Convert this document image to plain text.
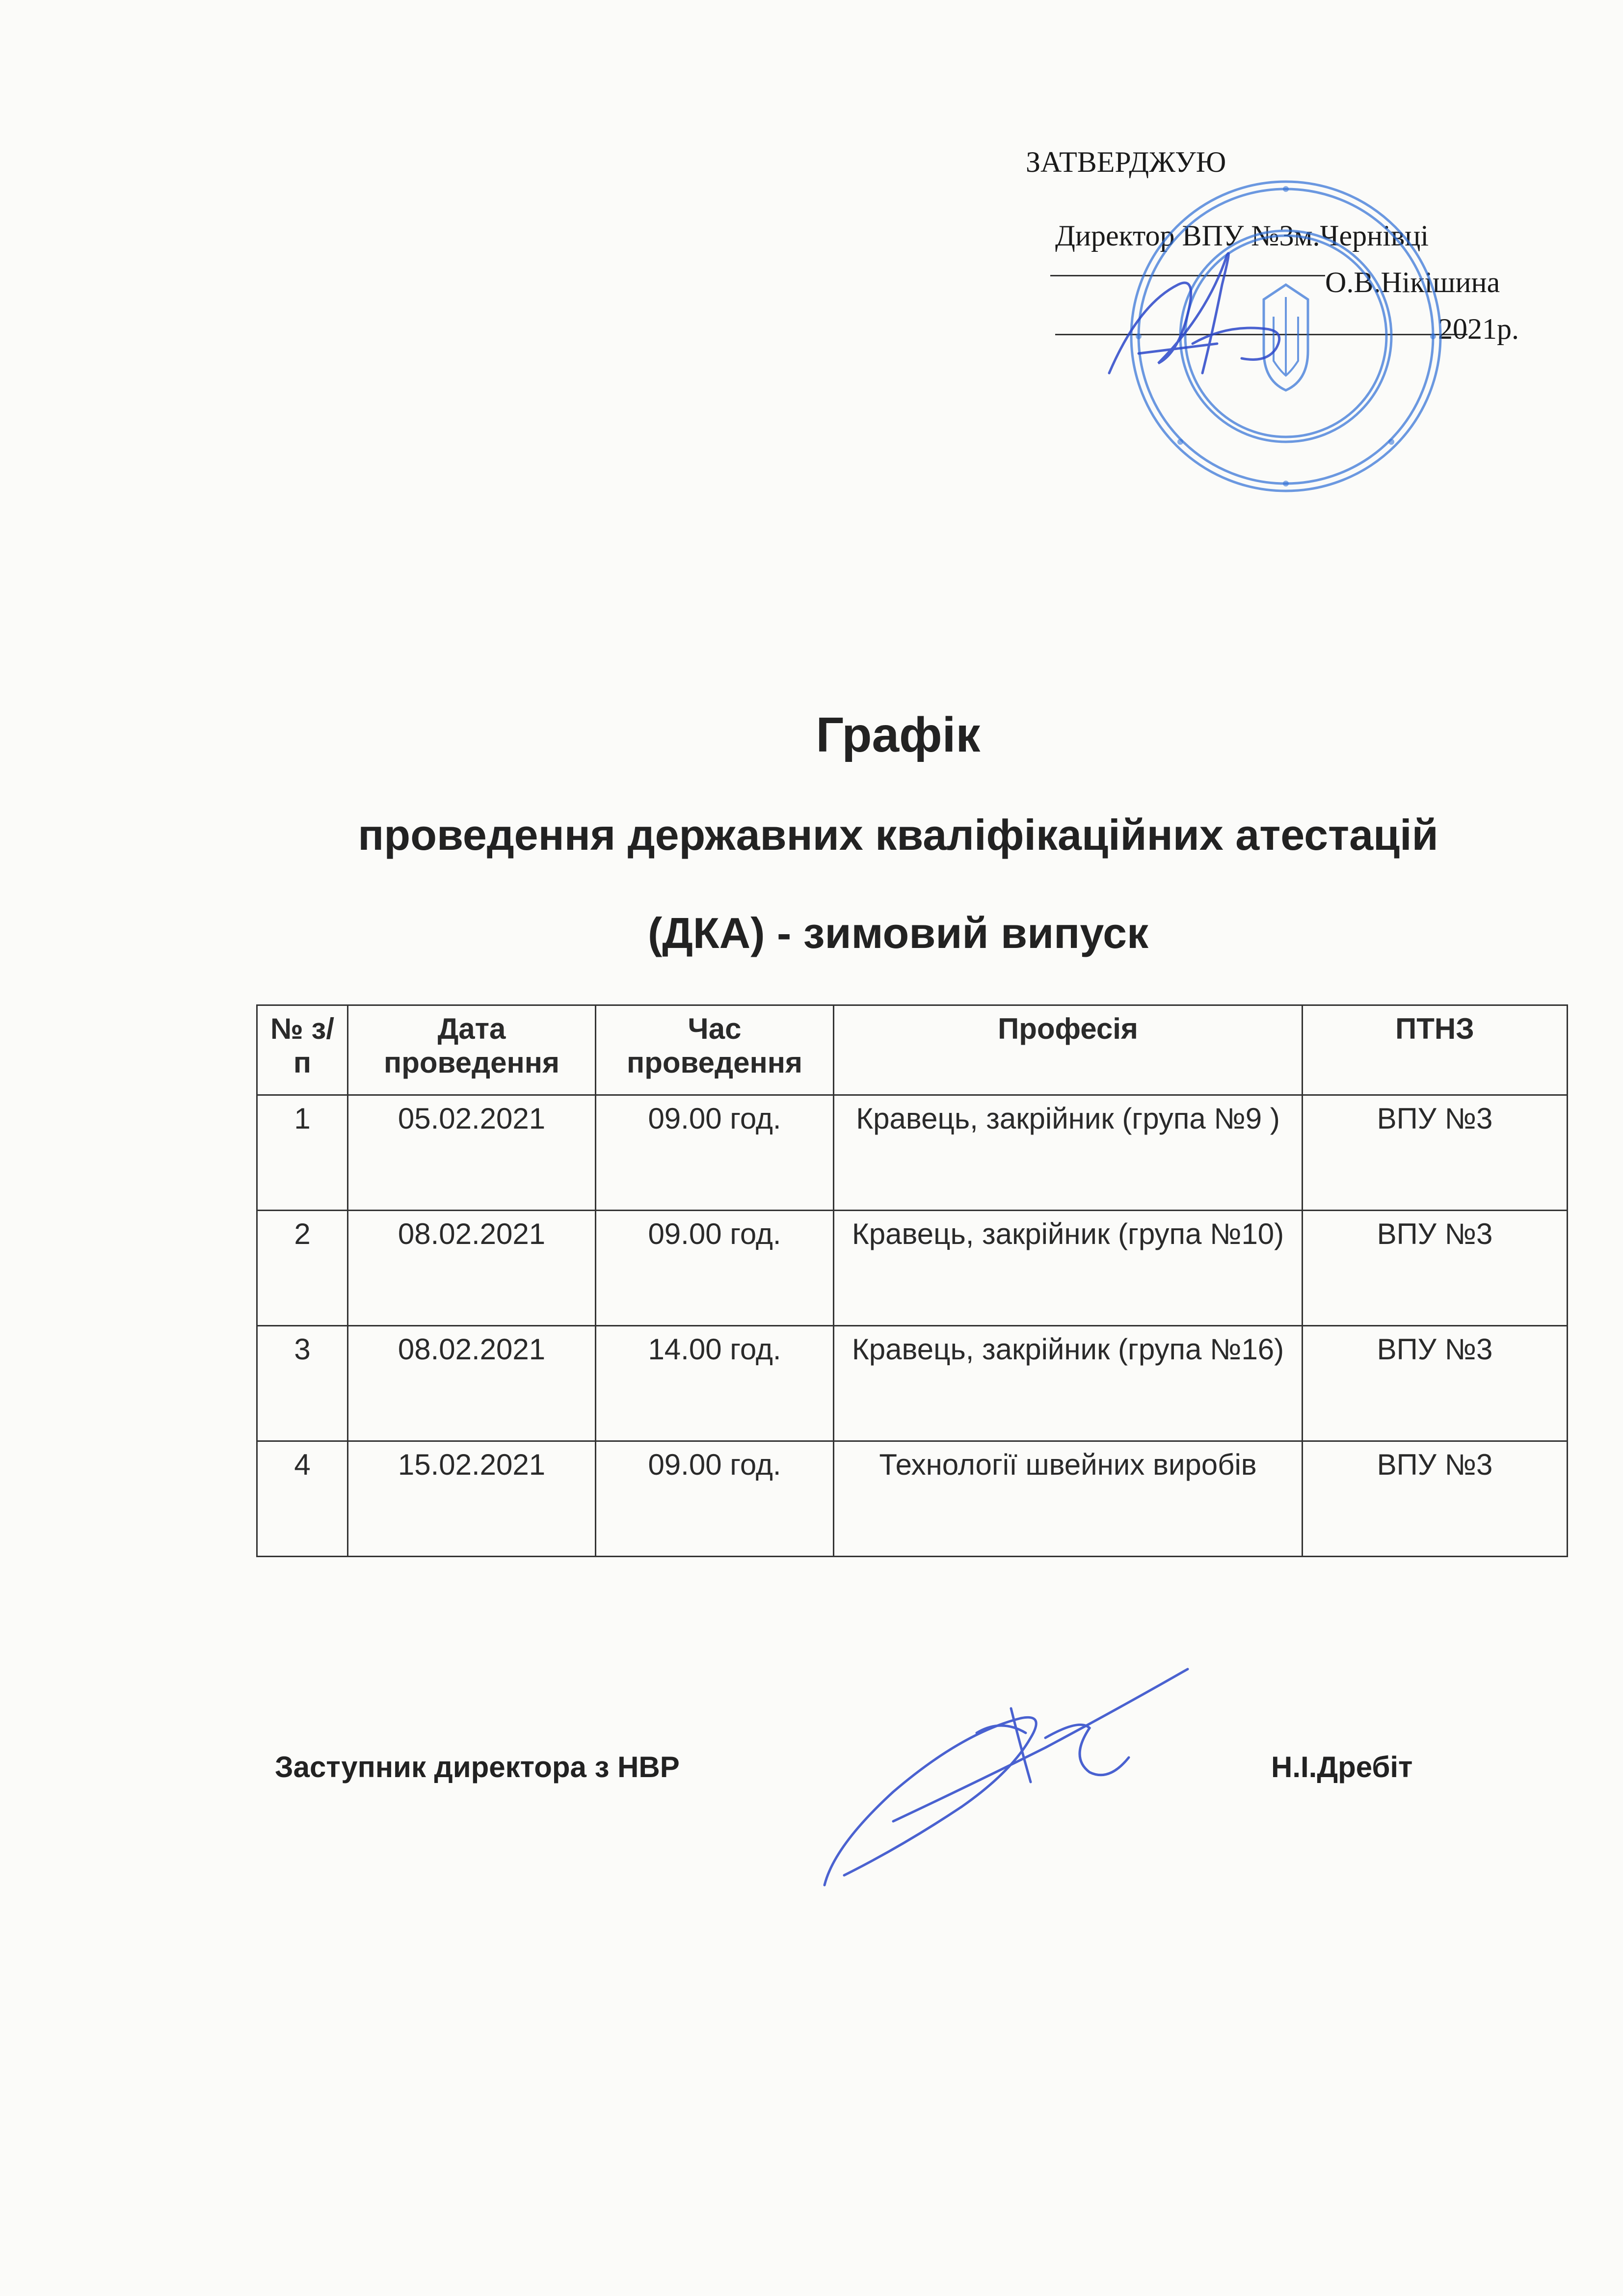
ЗАТВЕРДЖУЮ
Директор ВПУ №3м.Чернівці
О.В.Нікішина
2021р.
Графік
проведення державних кваліфікаційних атестацій
(ДКА) - зимовий випуск
№ з/п	Дата проведення	Час проведення	Професія	ПТНЗ
1	05.02.2021	09.00 год.	Кравець, закрійник (група №9 )	ВПУ №3
2	08.02.2021	09.00 год.	Кравець, закрійник (група №10)	ВПУ №3
3	08.02.2021	14.00 год.	Кравець, закрійник (група №16)	ВПУ №3
4	15.02.2021	09.00 год.	Технології швейних виробів	ВПУ №3
Заступник директора з НВР	Н.І.Дребіт
